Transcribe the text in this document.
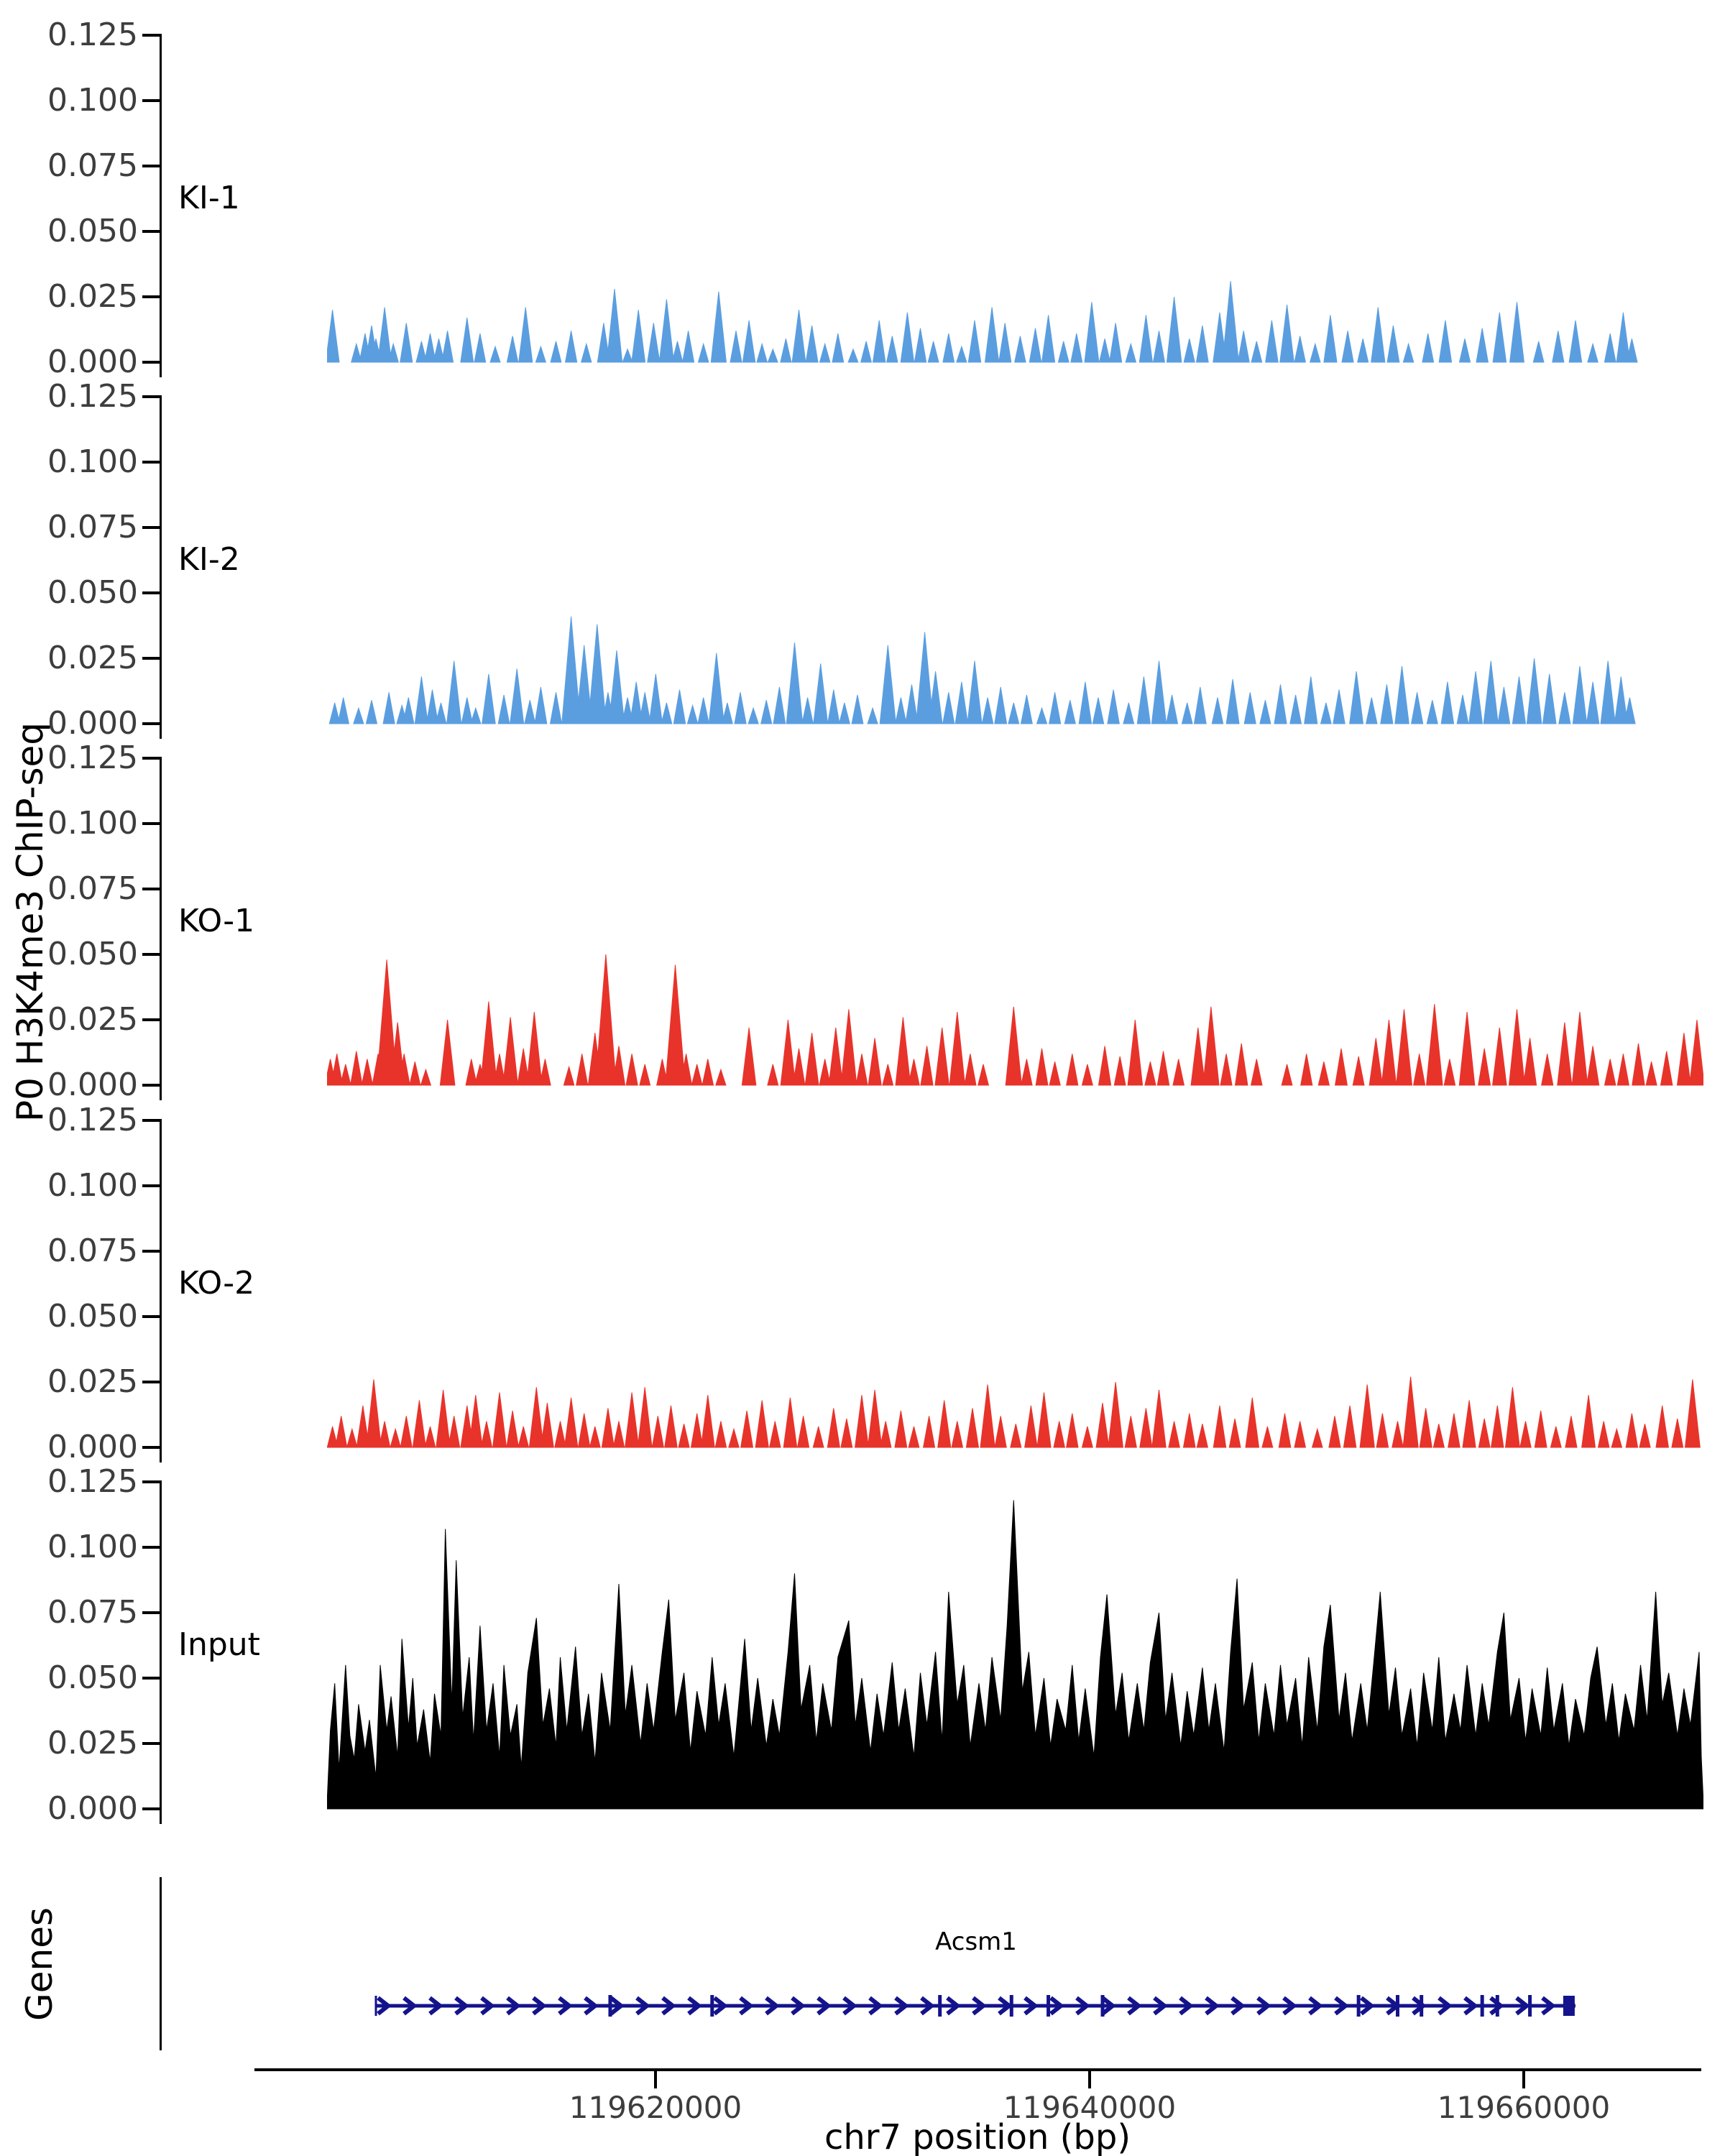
P0 H3K4me3 ChIP-seq
0.125
0.100
0.075
0.050
0.025
0.000
KI-1
0.125
0.100
0.075
0.050
0.025
0.000
KI-2
0.125
0.100
0.075
0.050
0.025
0.000
KO-1
0.125
0.100
0.075
0.050
0.025
0.000
KO-2
0.125
0.100
0.075
0.050
0.025
0.000
Input
Genes	Acsm1
119620000	119640000	119660000
chr7 position (bp)
